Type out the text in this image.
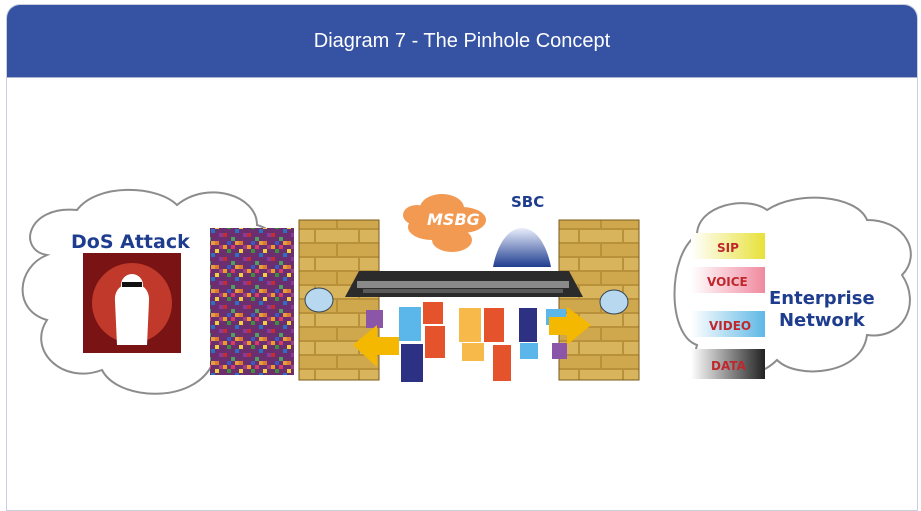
Diagram 7 - The Pinhole Concept
DoS Attack
SBC
MSBG
Enterprise
Network
SIP
VOICE
VIDEO
DATA
